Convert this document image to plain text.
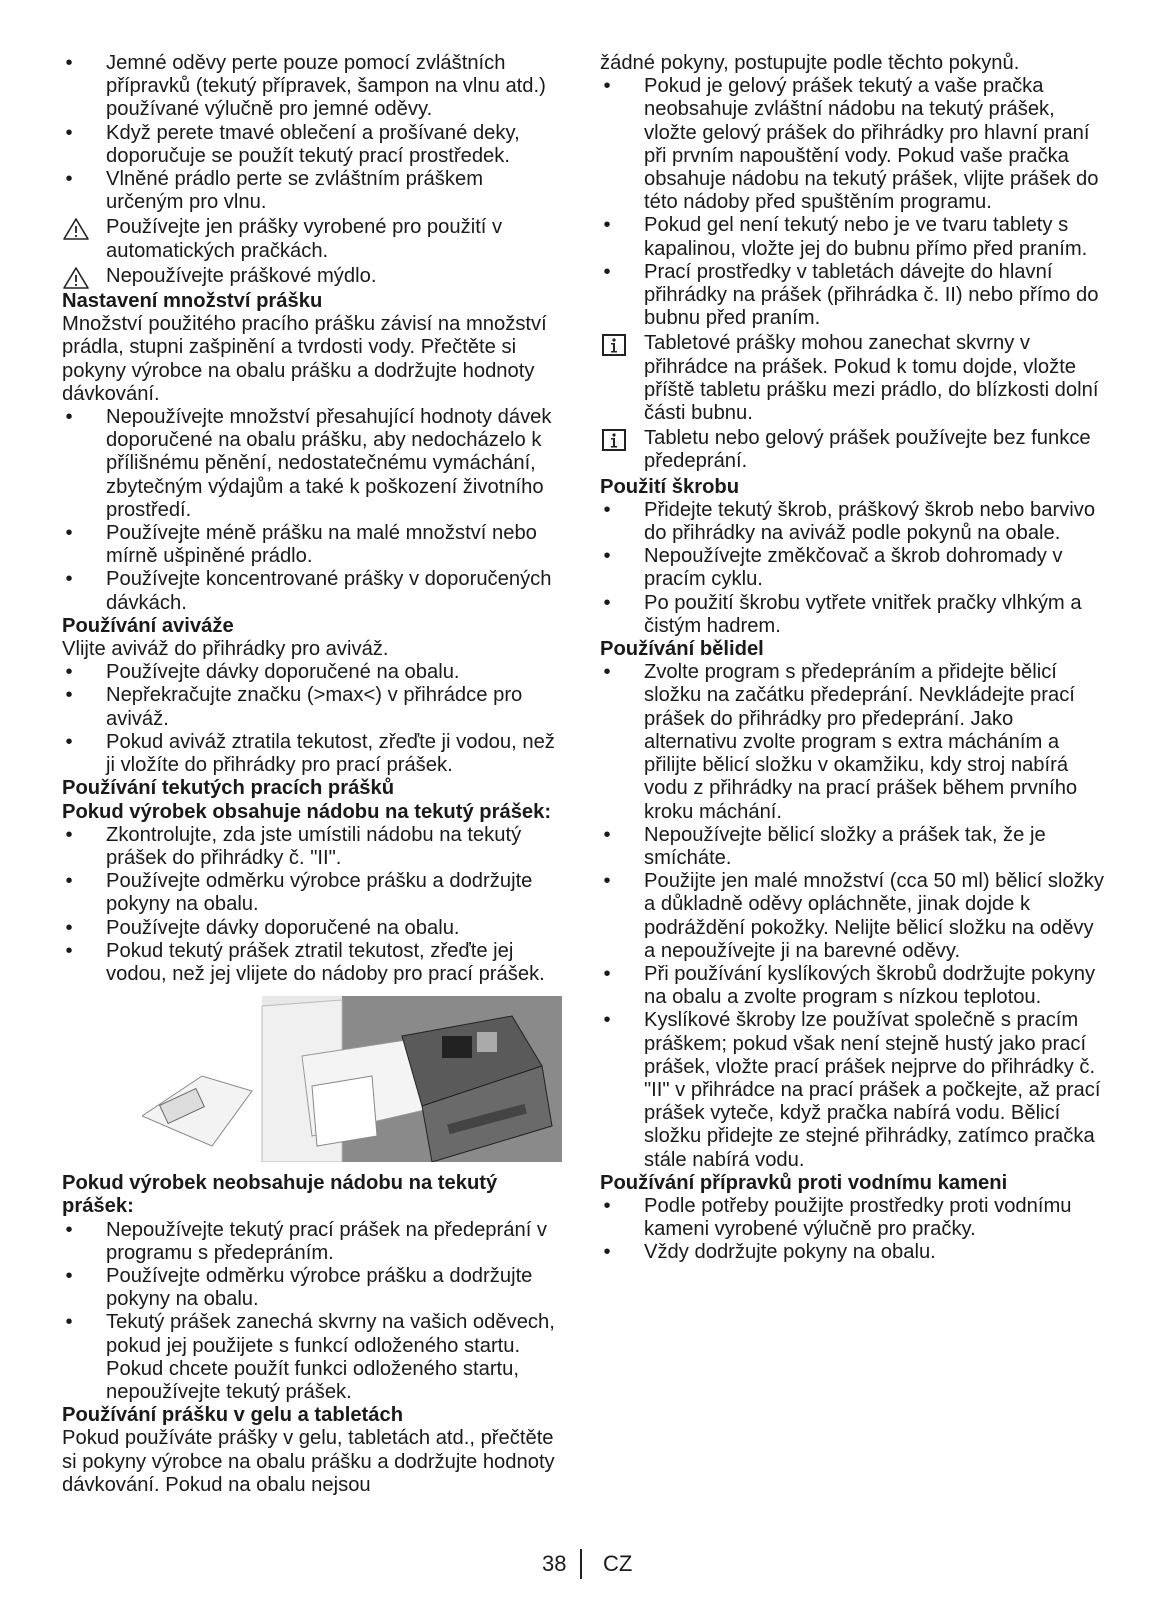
• Jemné oděvy perte pouze pomocí zvláštních přípravků (tekutý přípravek, šampon na vlnu atd.) používané výlučně pro jemné oděvy.
• Když perete tmavé oblečení a prošívané deky, doporučuje se použít tekutý prací prostředek.
• Vlněné prádlo perte se zvláštním práškem určeným pro vlnu.
Používejte jen prášky vyrobené pro použití v automatických pračkách.
Nepoužívejte práškové mýdlo.

Nastavení množství prášku

Množství použitého pracího prášku závisí na množství prádla, stupni zašpinění a tvrdosti vody. Přečtěte si pokyny výrobce na obalu prášku a dodržujte hodnoty dávkování.

• Nepoužívejte množství přesahující hodnoty dávek doporučené na obalu prášku, aby nedocházelo k přílišnému pěnění, nedostatečnému vymáchání, zbytečným výdajům a také k poškození životního prostředí.
• Používejte méně prášku na malé množství nebo mírně ušpiněné prádlo.
• Používejte koncentrované prášky v doporučených dávkách.

Používání aviváže

Vlijte aviváž do přihrádky pro aviváž.

• Používejte dávky doporučené na obalu.
• Nepřekračujte značku (>max<) v přihrádce pro aviváž.
• Pokud aviváž ztratila tekutost, zřeďte ji vodou, než ji vložíte do přihrádky pro prací prášek.

Používání tekutých pracích prášků

Pokud výrobek obsahuje nádobu na tekutý prášek:

• Zkontrolujte, zda jste umístili nádobu na tekutý prášek do přihrádky č. "II".
• Používejte odměrku výrobce prášku a dodržujte pokyny na obalu.
• Používejte dávky doporučené na obalu.
• Pokud tekutý prášek ztratil tekutost, zřeďte jej vodou, než jej vlijete do nádoby pro prací prášek.

Pokud výrobek neobsahuje nádobu na tekutý prášek:

• Nepoužívejte tekutý prací prášek na předeprání v programu s předepráním.
• Používejte odměrku výrobce prášku a dodržujte pokyny na obalu.
• Tekutý prášek zanechá skvrny na vašich oděvech, pokud jej použijete s funkcí odloženého startu. Pokud chcete použít funkci odloženého startu, nepoužívejte tekutý prášek.

Používání prášku v gelu a tabletách

Pokud používáte prášky v gelu, tabletách atd., přečtěte si pokyny výrobce na obalu prášku a dodržujte hodnoty dávkování. Pokud na obalu nejsou

žádné pokyny, postupujte podle těchto pokynů.

• Pokud je gelový prášek tekutý a vaše pračka neobsahuje zvláštní nádobu na tekutý prášek, vložte gelový prášek do přihrádky pro hlavní praní při prvním napouštění vody. Pokud vaše pračka obsahuje nádobu na tekutý prášek, vlijte prášek do této nádoby před spuštěním programu.
• Pokud gel není tekutý nebo je ve tvaru tablety s kapalinou, vložte jej do bubnu přímo před praním.
• Prací prostředky v tabletách dávejte do hlavní přihrádky na prášek (přihrádka č. II) nebo přímo do bubnu před praním.
Tabletové prášky mohou zanechat skvrny v přihrádce na prášek. Pokud k tomu dojde, vložte příště tabletu prášku mezi prádlo, do blízkosti dolní části bubnu.
Tabletu nebo gelový prášek používejte bez funkce předeprání.

Použití škrobu

• Přidejte tekutý škrob, práškový škrob nebo barvivo do přihrádky na aviváž podle pokynů na obale.
• Nepoužívejte změkčovač a škrob dohromady v pracím cyklu.
• Po použití škrobu vytřete vnitřek pračky vlhkým a čistým hadrem.

Používání bělidel

• Zvolte program s předepráním a přidejte bělicí složku na začátku předeprání. Nevkládejte prací prášek do přihrádky pro předeprání. Jako alternativu zvolte program s extra mácháním a přilijte bělicí složku v okamžiku, kdy stroj nabírá vodu z přihrádky na prací prášek během prvního kroku máchání.
• Nepoužívejte bělicí složky a prášek tak, že je smícháte.
• Použijte jen malé množství (cca 50 ml) bělicí složky a důkladně oděvy opláchněte, jinak dojde k podráždění pokožky. Nelijte bělicí složku na oděvy a nepoužívejte ji na barevné oděvy.
• Při používání kyslíkových škrobů dodržujte pokyny na obalu a zvolte program s nízkou teplotou.
• Kyslíkové škroby lze používat společně s pracím práškem; pokud však není stejně hustý jako prací prášek, vložte prací prášek nejprve do přihrádky č. "II" v přihrádce na prací prášek a počkejte, až prací prášek vyteče, když pračka nabírá vodu. Bělicí složku přidejte ze stejné přihrádky, zatímco pračka stále nabírá vodu.

Používání přípravků proti vodnímu kameni

• Podle potřeby použijte prostředky proti vodnímu kameni vyrobené výlučně pro pračky.
• Vždy dodržujte pokyny na obalu.
38 CZ
